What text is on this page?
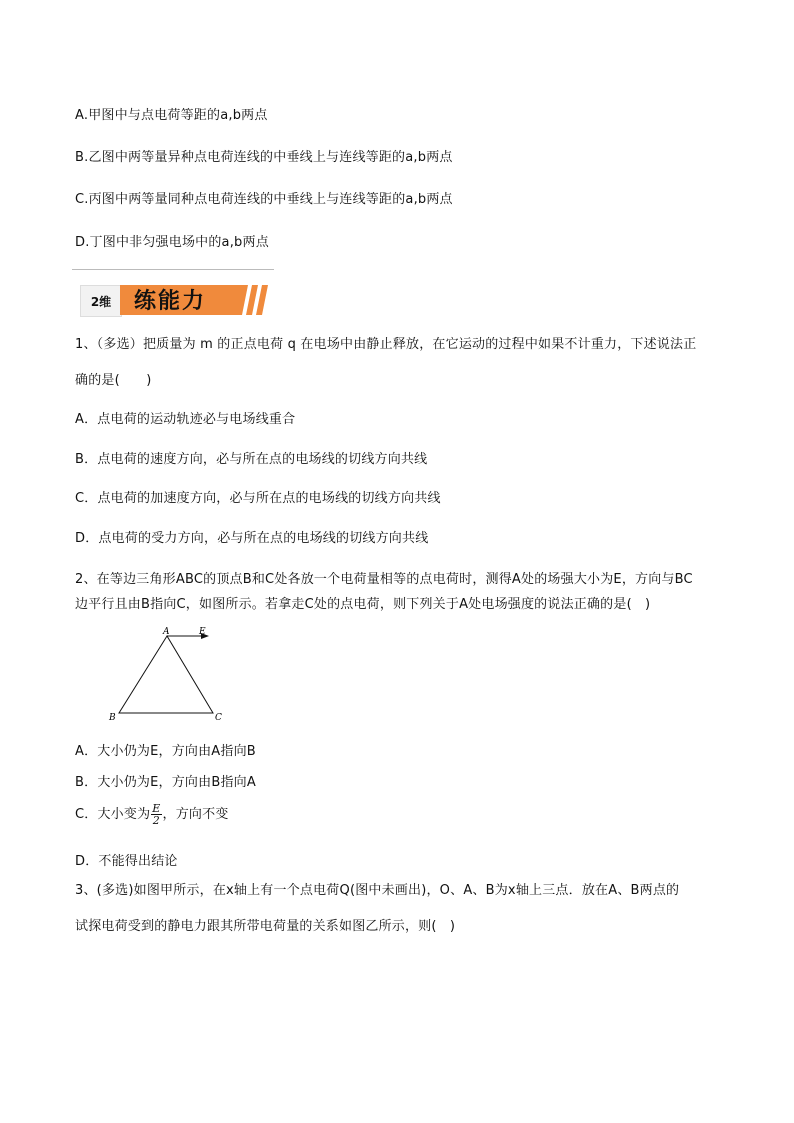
A.甲图中与点电荷等距的a,b两点
B.乙图中两等量异种点电荷连线的中垂线上与连线等距的a,b两点
C.丙图中两等量同种点电荷连线的中垂线上与连线等距的a,b两点
D.丁图中非匀强电场中的a,b两点
2维	练能力
1、（多选）把质量为 m 的正点电荷 q 在电场中由静止释放，在它运动的过程中如果不计重力，下述说法正
确的是(　　)
A．点电荷的运动轨迹必与电场线重合
B．点电荷的速度方向，必与所在点的电场线的切线方向共线
C．点电荷的加速度方向，必与所在点的电场线的切线方向共线
D．点电荷的受力方向，必与所在点的电场线的切线方向共线
2、在等边三角形ABC的顶点B和C处各放一个电荷量相等的点电荷时，测得A处的场强大小为E，方向与BC
边平行且由B指向C，如图所示。若拿走C处的点电荷，则下列关于A处电场强度的说法正确的是(　)
A	E
B	C
A．大小仍为E，方向由A指向B
B．大小仍为E，方向由B指向A
C．大小变为 $\frac{E}{2}$ ，方向不变
D．不能得出结论
3、(多选)如图甲所示，在x轴上有一个点电荷Q(图中未画出)，O、A、B为x轴上三点．放在A、B两点的
试探电荷受到的静电力跟其所带电荷量的关系如图乙所示，则(　)
